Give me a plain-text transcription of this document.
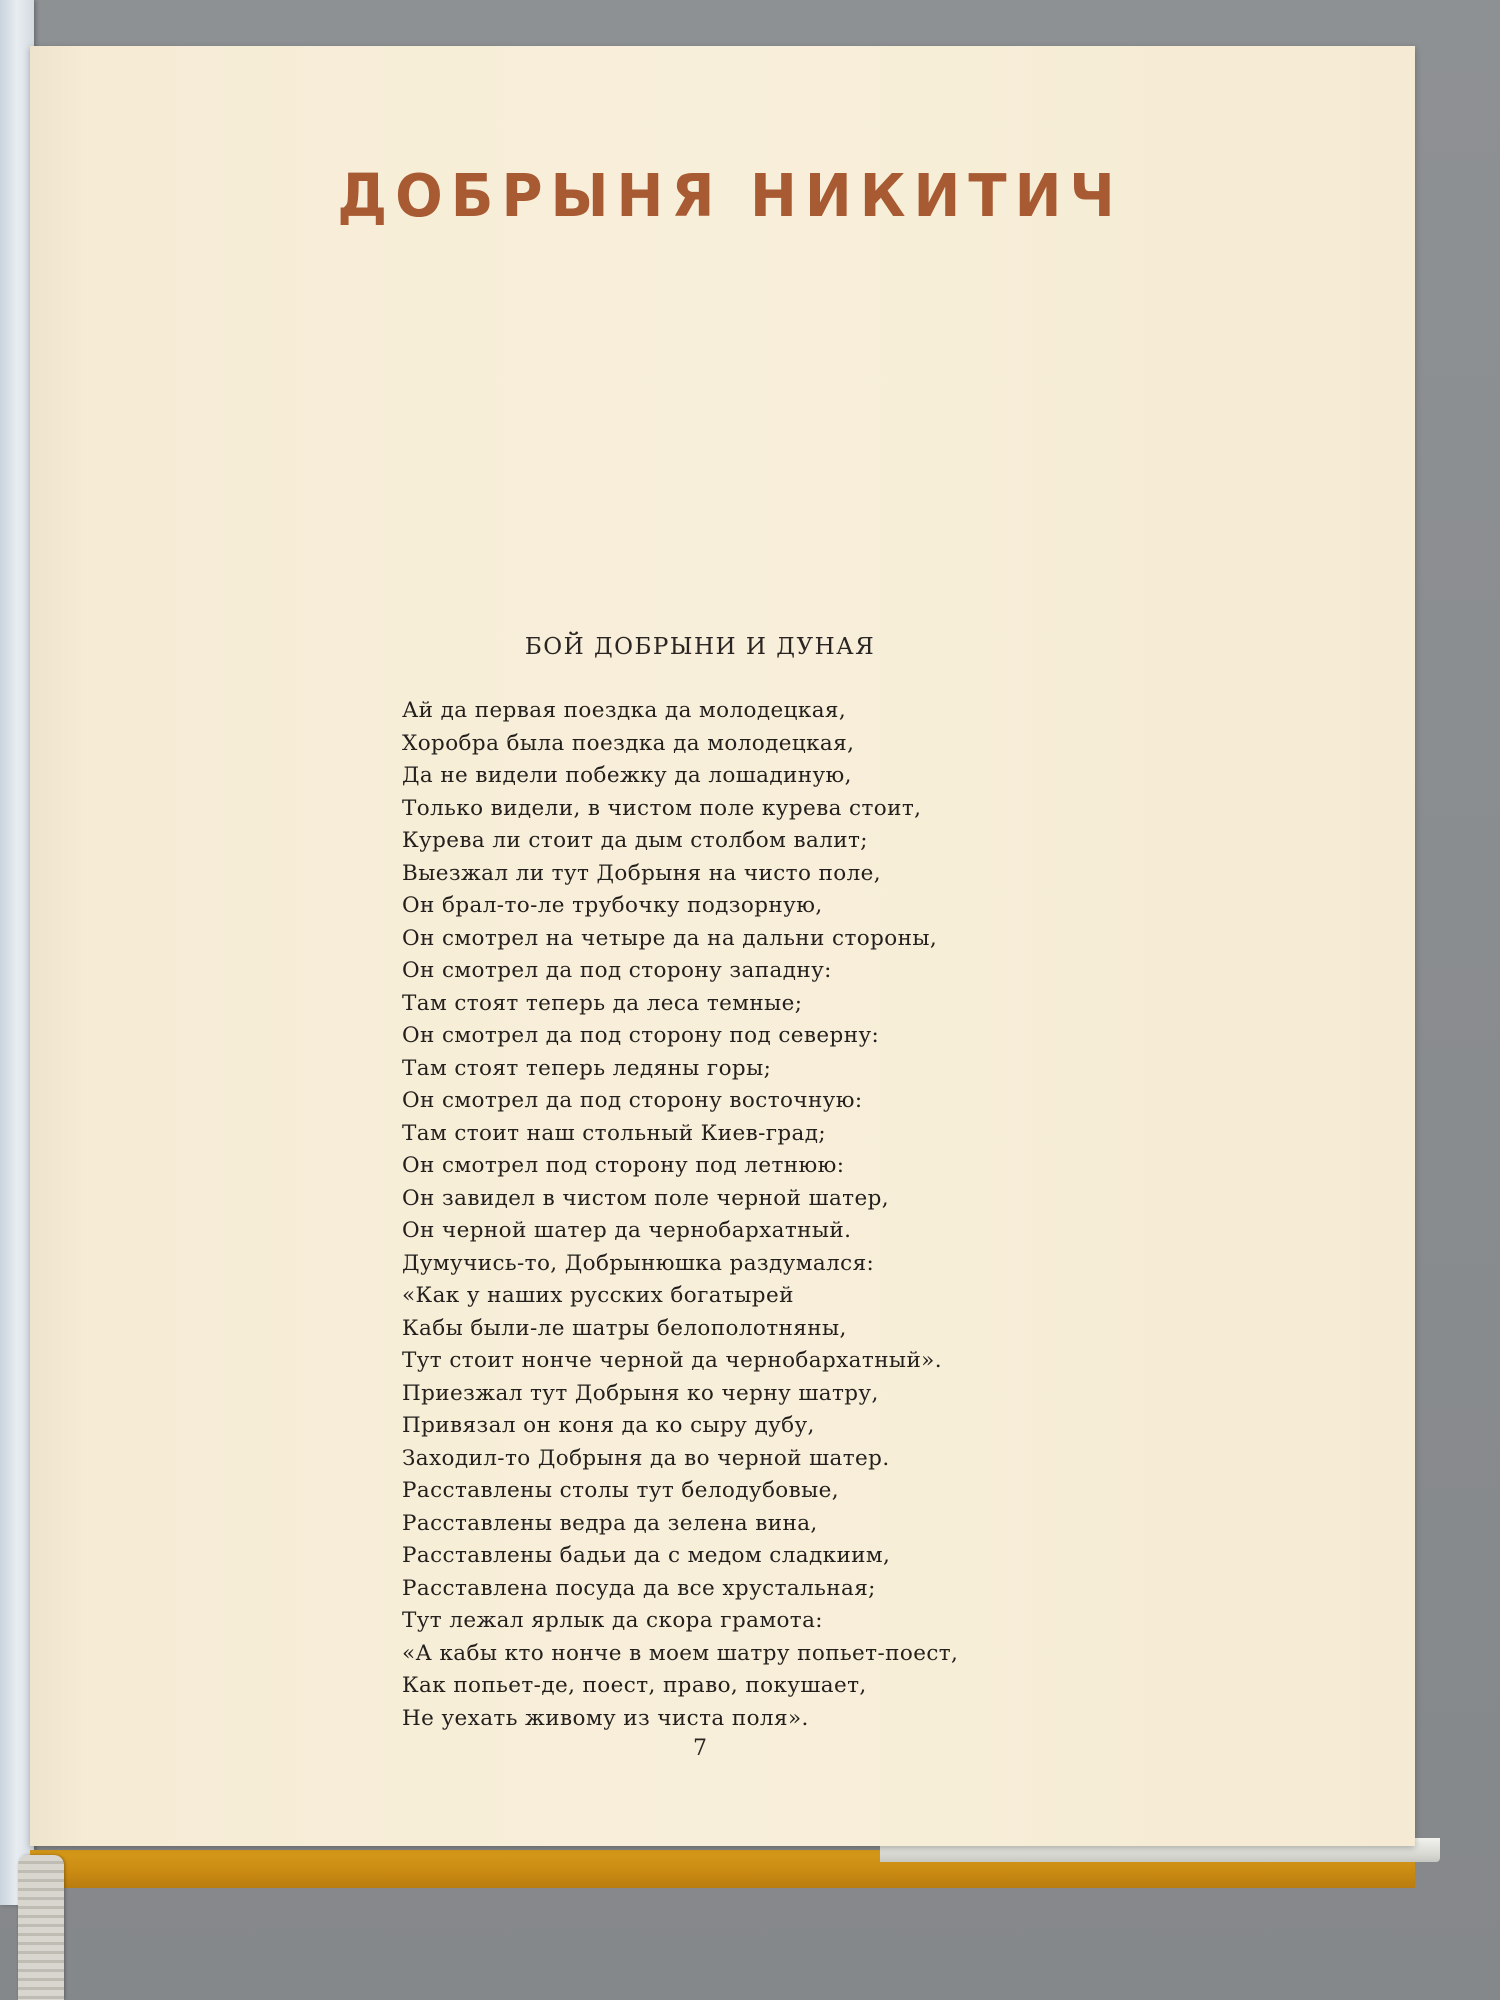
ДОБРЫНЯ НИКИТИЧ
БОЙ ДОБРЫНИ И ДУНАЯ
Ай да первая поездка да молодецкая,
Хоробра была поездка да молодецкая,
Да не видели побежку да лошадиную,
Только видели, в чистом поле курева стоит,
Курева ли стоит да дым столбом валит;
Выезжал ли тут Добрыня на чисто поле,
Он брал-то-ле трубочку подзорную,
Он смотрел на четыре да на дальни стороны,
Он смотрел да под сторону западну:
Там стоят теперь да леса темные;
Он смотрел да под сторону под северну:
Там стоят теперь ледяны горы;
Он смотрел да под сторону восточную:
Там стоит наш стольный Киев-град;
Он смотрел под сторону под летнюю:
Он завидел в чистом поле черной шатер,
Он черной шатер да чернобархатный.
Думучись-то, Добрынюшка раздумался:
«Как у наших русских богатырей
Кабы были-ле шатры белополотняны,
Тут стоит нонче черной да чернобархатный».
Приезжал тут Добрыня ко черну шатру,
Привязал он коня да ко сыру дубу,
Заходил-то Добрыня да во черной шатер.
Расставлены столы тут белодубовые,
Расставлены ведра да зелена вина,
Расставлены бадьи да с медом сладкиим,
Расставлена посуда да все хрустальная;
Тут лежал ярлык да скора грамота:
«А кабы кто нонче в моем шатру попьет-поест,
Как попьет-де, поест, право, покушает,
Не уехать живому из чиста поля».
7
